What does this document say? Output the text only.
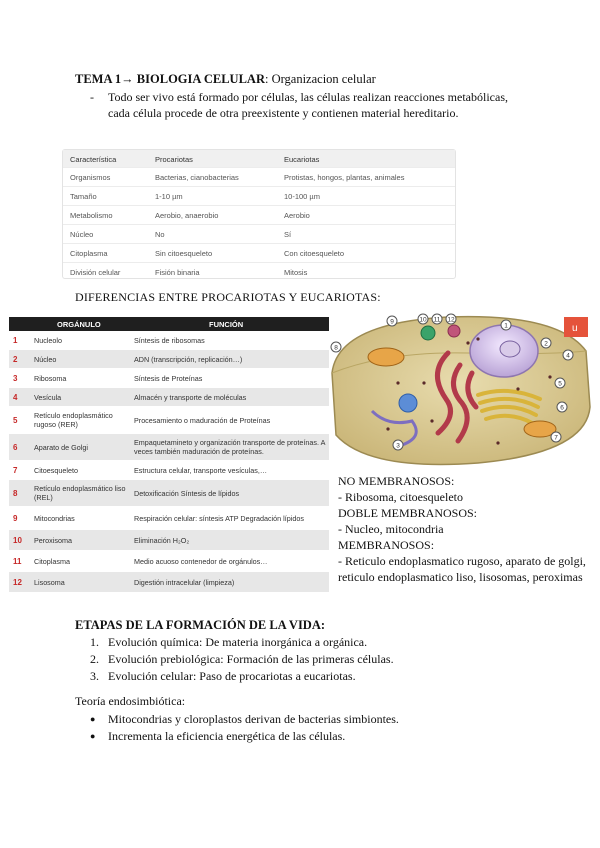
TEMA 1→ BIOLOGIA CELULAR: Organizacion celular
- Todo ser vivo está formado por células, las células realizan reacciones metabólicas, cada célula procede de otra preexistente y contienen material hereditario.
Característica	Procariotas	Eucariotas
Organismos	Bacterias, cianobacterias	Protistas, hongos, plantas, animales
Tamaño	1-10 µm	10-100 µm
Metabolismo	Aerobio, anaerobio	Aerobio
Núcleo	No	Sí
Citoplasma	Sin citoesqueleto	Con citoesqueleto
División celular	Fisión binaria	Mitosis
DIFERENCIAS ENTRE PROCARIOTAS Y EUCARIOTAS:
ORGÁNULO	FUNCIÓN
1 Nucleolo	Síntesis de ribosomas
2 Núcleo	ADN (transcripción, replicación…)
3 Ribosoma	Síntesis de Proteínas
4 Vesícula	Almacén y transporte de moléculas
5 Retículo endoplasmático rugoso (RER)	Procesamiento o maduración de Proteínas
6 Aparato de Golgi	Empaquetamineto y organización transporte de proteínas. A veces también maduración de proteínas.
7 Citoesqueleto	Estructura celular, transporte vesículas,…
8 Retículo endoplasmático liso (REL)	Detoxificación Síntesis de lípidos
9 Mitocondrias	Respiración celular: síntesis ATP Degradación lípidos
10 Peroxisoma	Eliminación H₂O₂
11 Citoplasma	Medio acuoso contenedor de orgánulos…
12 Lisosoma	Digestión intracelular (limpieza)
u
1
2
3
4
5
6
7
8
9	10 11 12
NO MEMBRANOSOS:
- Ribosoma, citoesqueleto
DOBLE MEMBRANOSOS:
- Nucleo, mitocondria
MEMBRANOSOS:
- Reticulo endoplasmatico rugoso, aparato de golgi, reticulo endoplasmatico liso, lisosomas, peroximas
ETAPAS DE LA FORMACIÓN DE LA VIDA:
1. Evolución química: De materia inorgánica a orgánica.
2. Evolución prebiológica: Formación de las primeras células.
3. Evolución celular: Paso de procariotas a eucariotas.
Teoría endosimbiótica:
● Mitocondrias y cloroplastos derivan de bacterias simbiontes.
● Incrementa la eficiencia energética de las células.
